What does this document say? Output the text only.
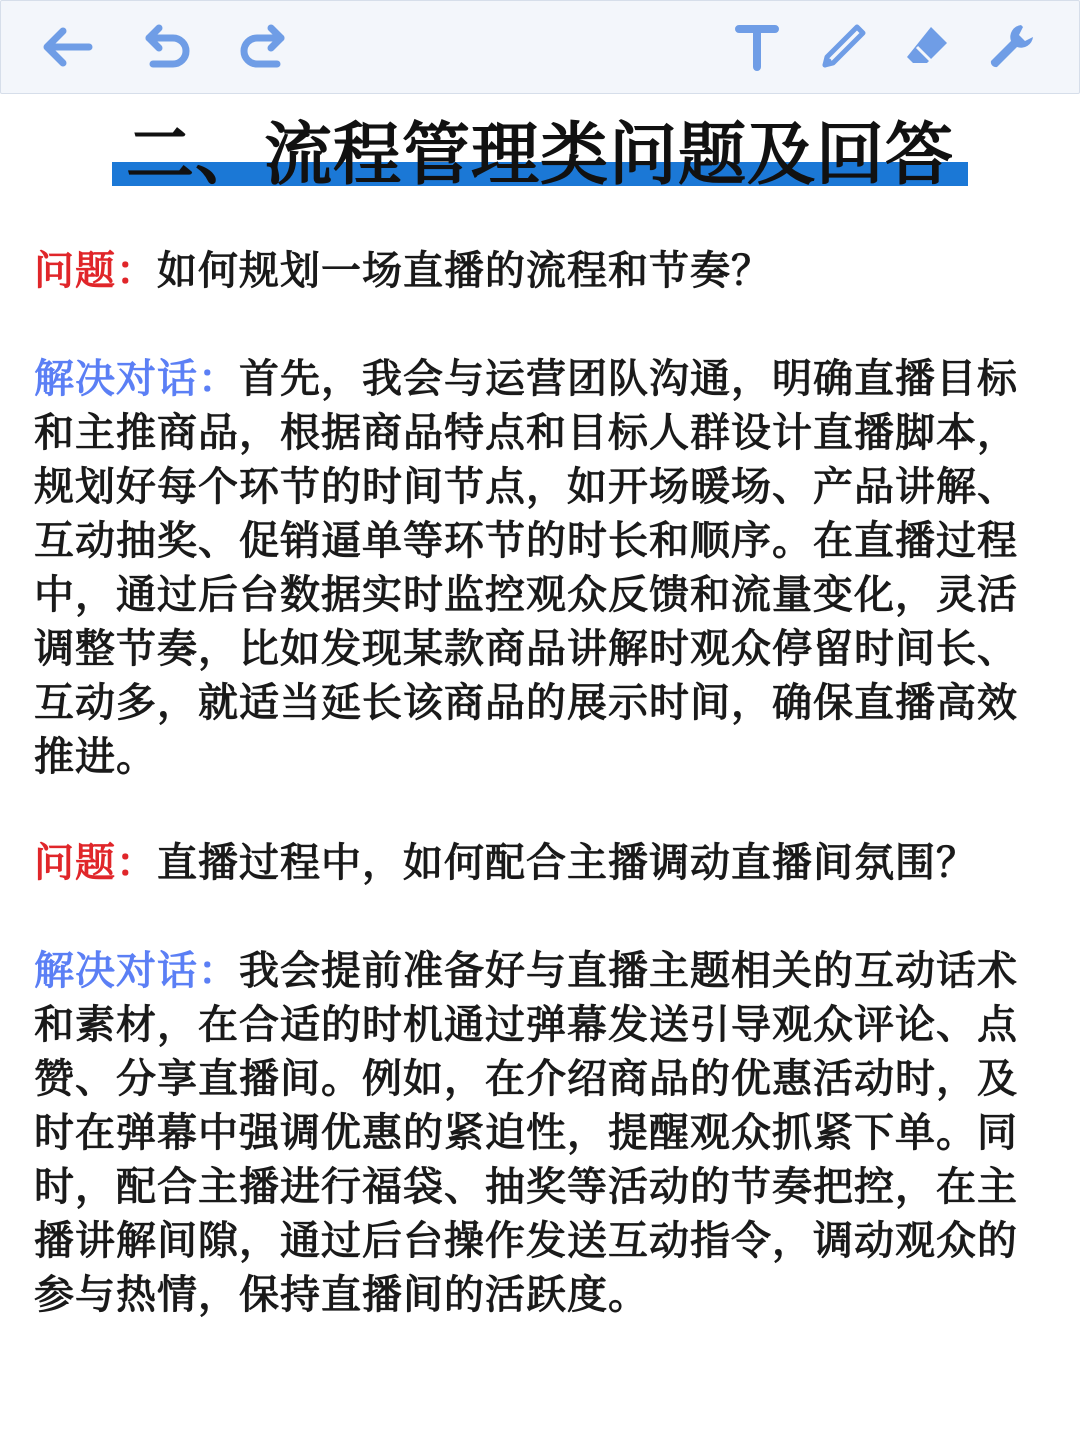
二、流程管理类问题及回答
问题：如何规划一场直播的流程和节奏？
解决对话：首先，我会与运营团队沟通，明确直播目标和主推商品，根据商品特点和目标人群设计直播脚本，规划好每个环节的时间节点，如开场暖场、产品讲解、互动抽奖、促销逼单等环节的时长和顺序。在直播过程中，通过后台数据实时监控观众反馈和流量变化，灵活调整节奏，比如发现某款商品讲解时观众停留时间长、互动多，就适当延长该商品的展示时间，确保直播高效推进。
问题：直播过程中，如何配合主播调动直播间氛围？
解决对话：我会提前准备好与直播主题相关的互动话术和素材，在合适的时机通过弹幕发送引导观众评论、点赞、分享直播间。例如，在介绍商品的优惠活动时，及时在弹幕中强调优惠的紧迫性，提醒观众抓紧下单。同时，配合主播进行福袋、抽奖等活动的节奏把控，在主播讲解间隙，通过后台操作发送互动指令，调动观众的参与热情，保持直播间的活跃度。
